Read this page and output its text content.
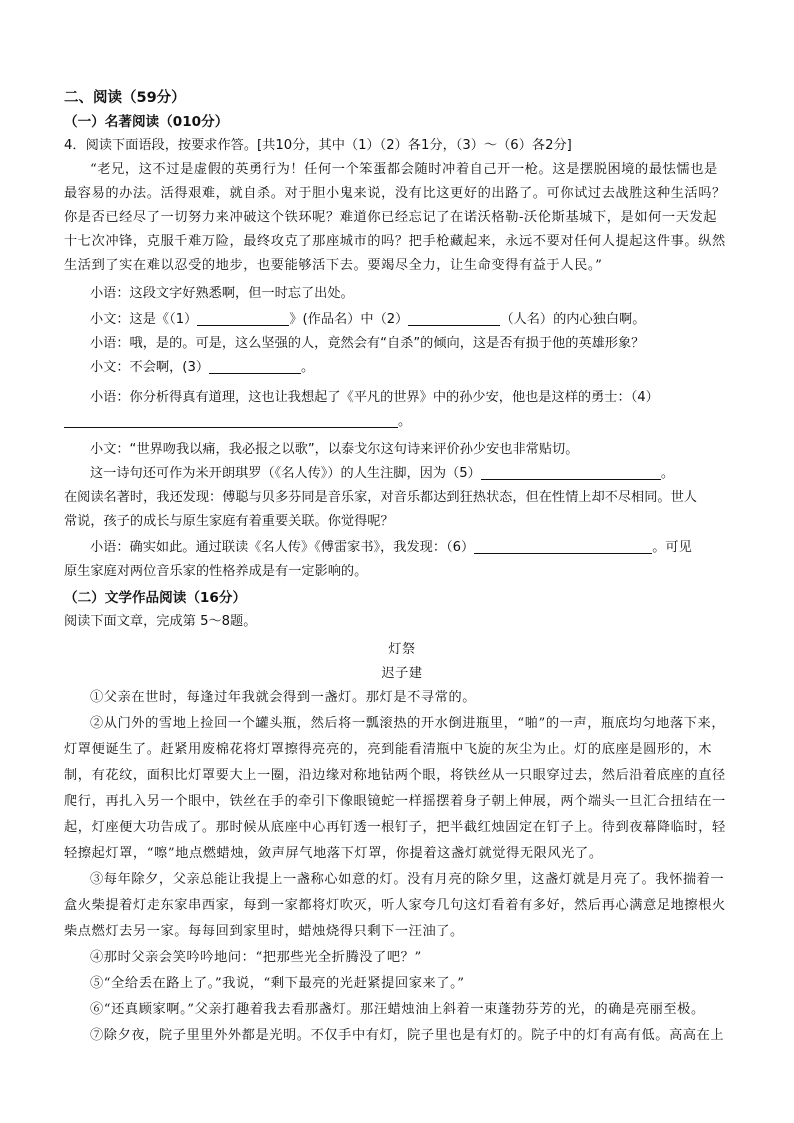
二、阅读（59分）
（一）名著阅读（010分）
4．阅读下面语段，按要求作答。[共10分，其中（1）（2）各1分，（3）～（6）各2分]
“老兄，这不过是虚假的英勇行为！任何一个笨蛋都会随时冲着自己开一枪。这是摆脱困境的最怯懦也是
最容易的办法。活得艰难，就自杀。对于胆小鬼来说，没有比这更好的出路了。可你试过去战胜这种生活吗？
你是否已经尽了一切努力来冲破这个铁环呢？难道你已经忘记了在诺沃格勒-沃伦斯基城下，是如何一天发起
十七次冲锋，克服千难万险，最终攻克了那座城市的吗？把手枪藏起来，永远不要对任何人提起这件事。纵然
生活到了实在难以忍受的地步，也要能够活下去。要竭尽全力，让生命变得有益于人民。”
小语：这段文字好熟悉啊，但一时忘了出处。
小文：这是《（1）	》(作品名）中（2）	（人名）的内心独白啊。
小语：哦，是的。可是，这么坚强的人，竟然会有“自杀”的倾向，这是否有损于他的英雄形象？
小文：不会啊，(3）	。
小语：你分析得真有道理，这也让我想起了《平凡的世界》中的孙少安，他也是这样的勇士：（4）
。
小文：“世界吻我以痛，我必报之以歌”，以泰戈尔这句诗来评价孙少安也非常贴切。
这一诗句还可作为米开朗琪罗（《名人传》）的人生注脚，因为（5）	。
在阅读名著时，我还发现：傅聪与贝多芬同是音乐家，对音乐都达到狂热状态，但在性情上却不尽相同。世人
常说，孩子的成长与原生家庭有着重要关联。你觉得呢？
小语：确实如此。通过联读《名人传》《傅雷家书》，我发现：（6）	。可见
原生家庭对两位音乐家的性格养成是有一定影响的。
（二）文学作品阅读（16分）
阅读下面文章，完成第 5～8题。
灯祭
迟子建
①父亲在世时，每逢过年我就会得到一盏灯。那灯是不寻常的。
②从门外的雪地上捡回一个罐头瓶，然后将一瓢滚热的开水倒进瓶里，“啪”的一声，瓶底均匀地落下来，
灯罩便诞生了。赶紧用废棉花将灯罩擦得亮亮的，亮到能看清瓶中飞旋的灰尘为止。灯的底座是圆形的，木
制，有花纹，面积比灯罩要大上一圈，沿边缘对称地钻两个眼，将铁丝从一只眼穿过去，然后沿着底座的直径
爬行，再扎入另一个眼中，铁丝在手的牵引下像眼镜蛇一样摇摆着身子朝上伸展，两个端头一旦汇合扭结在一
起，灯座便大功告成了。那时候从底座中心再钉透一根钉子，把半截红烛固定在钉子上。待到夜幕降临时，轻
轻擦起灯罩，“嚓”地点燃蜡烛，敛声屏气地落下灯罩，你提着这盏灯就觉得无限风光了。
③每年除夕，父亲总能让我提上一盏称心如意的灯。没有月亮的除夕里，这盏灯就是月亮了。我怀揣着一
盒火柴提着灯走东家串西家，每到一家都将灯吹灭，听人家夸几句这灯看着有多好，然后再心满意足地擦根火
柴点燃灯去另一家。每每回到家里时，蜡烛烧得只剩下一汪油了。
④那时父亲会笑吟吟地问：“把那些光全折腾没了吧？”
⑤“全给丢在路上了。”我说，“剩下最亮的光赶紧提回家来了。”
⑥“还真顾家啊。”父亲打趣着我去看那盏灯。那汪蜡烛油上斜着一束蓬勃芬芳的光，的确是亮丽至极。
⑦除夕夜，院子里里外外都是光明。不仅手中有灯，院子里也是有灯的。院子中的灯有高有低。高高在上
